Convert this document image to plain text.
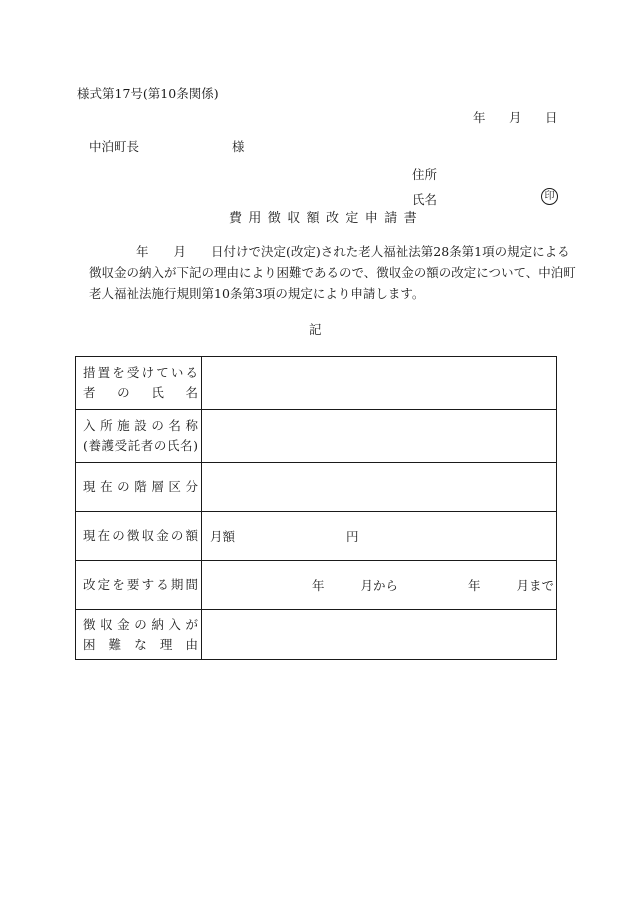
様式第17号(第10条関係)
年 月 日
中泊町長	様
住所
氏名	印
費用徴収額改定申請書
年　　月　　日付けで決定(改定)された老人福祉法第28条第1項の規定による
徴収金の納入が下記の理由により困難であるので、徴収金の額の改定について、中泊町
老人福祉法施行規則第10条第3項の規定により申請します。
記
措置を受けている
者の氏名	

入所施設の名称
(養護受託者の氏名)	

現在の階層区分	

現在の徴収金の額	月額 円

改定を要する期間	年 月から 年 月まで

徴収金の納入が
困難な理由	
